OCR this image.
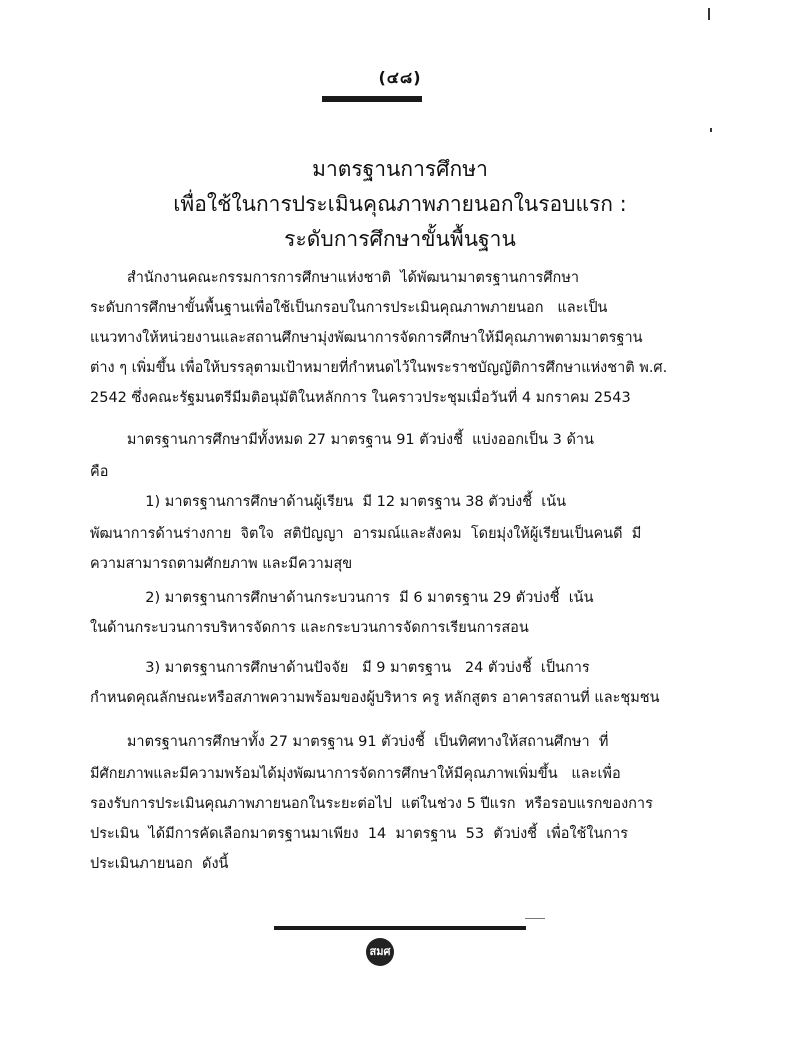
(๔๘)
มาตรฐานการศึกษา
เพื่อใช้ในการประเมินคุณภาพภายนอกในรอบแรก :
ระดับการศึกษาขั้นพื้นฐาน
สำนักงานคณะกรรมการการศึกษาแห่งชาติ  ได้พัฒนามาตรฐานการศึกษา
ระดับการศึกษาขั้นพื้นฐานเพื่อใช้เป็นกรอบในการประเมินคุณภาพภายนอก   และเป็น
แนวทางให้หน่วยงานและสถานศึกษามุ่งพัฒนาการจัดการศึกษาให้มีคุณภาพตามมาตรฐาน
ต่าง ๆ เพิ่มขึ้น เพื่อให้บรรลุตามเป้าหมายที่กำหนดไว้ในพระราชบัญญัติการศึกษาแห่งชาติ พ.ศ.
2542 ซึ่งคณะรัฐมนตรีมีมติอนุมัติในหลักการ ในคราวประชุมเมื่อวันที่ 4 มกราคม 2543
มาตรฐานการศึกษามีทั้งหมด 27 มาตรฐาน 91 ตัวบ่งชี้  แบ่งออกเป็น 3 ด้าน
คือ
1) มาตรฐานการศึกษาด้านผู้เรียน  มี 12 มาตรฐาน 38 ตัวบ่งชี้  เน้น
พัฒนาการด้านร่างกาย  จิตใจ  สติปัญญา  อารมณ์และสังคม  โดยมุ่งให้ผู้เรียนเป็นคนดี  มี
ความสามารถตามศักยภาพ และมีความสุข
2) มาตรฐานการศึกษาด้านกระบวนการ  มี 6 มาตรฐาน 29 ตัวบ่งชี้  เน้น
ในด้านกระบวนการบริหารจัดการ และกระบวนการจัดการเรียนการสอน
3) มาตรฐานการศึกษาด้านปัจจัย   มี 9 มาตรฐาน   24 ตัวบ่งชี้  เป็นการ
กำหนดคุณลักษณะหรือสภาพความพร้อมของผู้บริหาร ครู หลักสูตร อาคารสถานที่ และชุมชน
มาตรฐานการศึกษาทั้ง 27 มาตรฐาน 91 ตัวบ่งชี้  เป็นทิศทางให้สถานศึกษา  ที่
มีศักยภาพและมีความพร้อมได้มุ่งพัฒนาการจัดการศึกษาให้มีคุณภาพเพิ่มขึ้น   และเพื่อ
รองรับการประเมินคุณภาพภายนอกในระยะต่อไป  แต่ในช่วง 5 ปีแรก  หรือรอบแรกของการ
ประเมิน  ได้มีการคัดเลือกมาตรฐานมาเพียง  14  มาตรฐาน  53  ตัวบ่งชี้  เพื่อใช้ในการ
ประเมินภายนอก  ดังนี้
สมศ
